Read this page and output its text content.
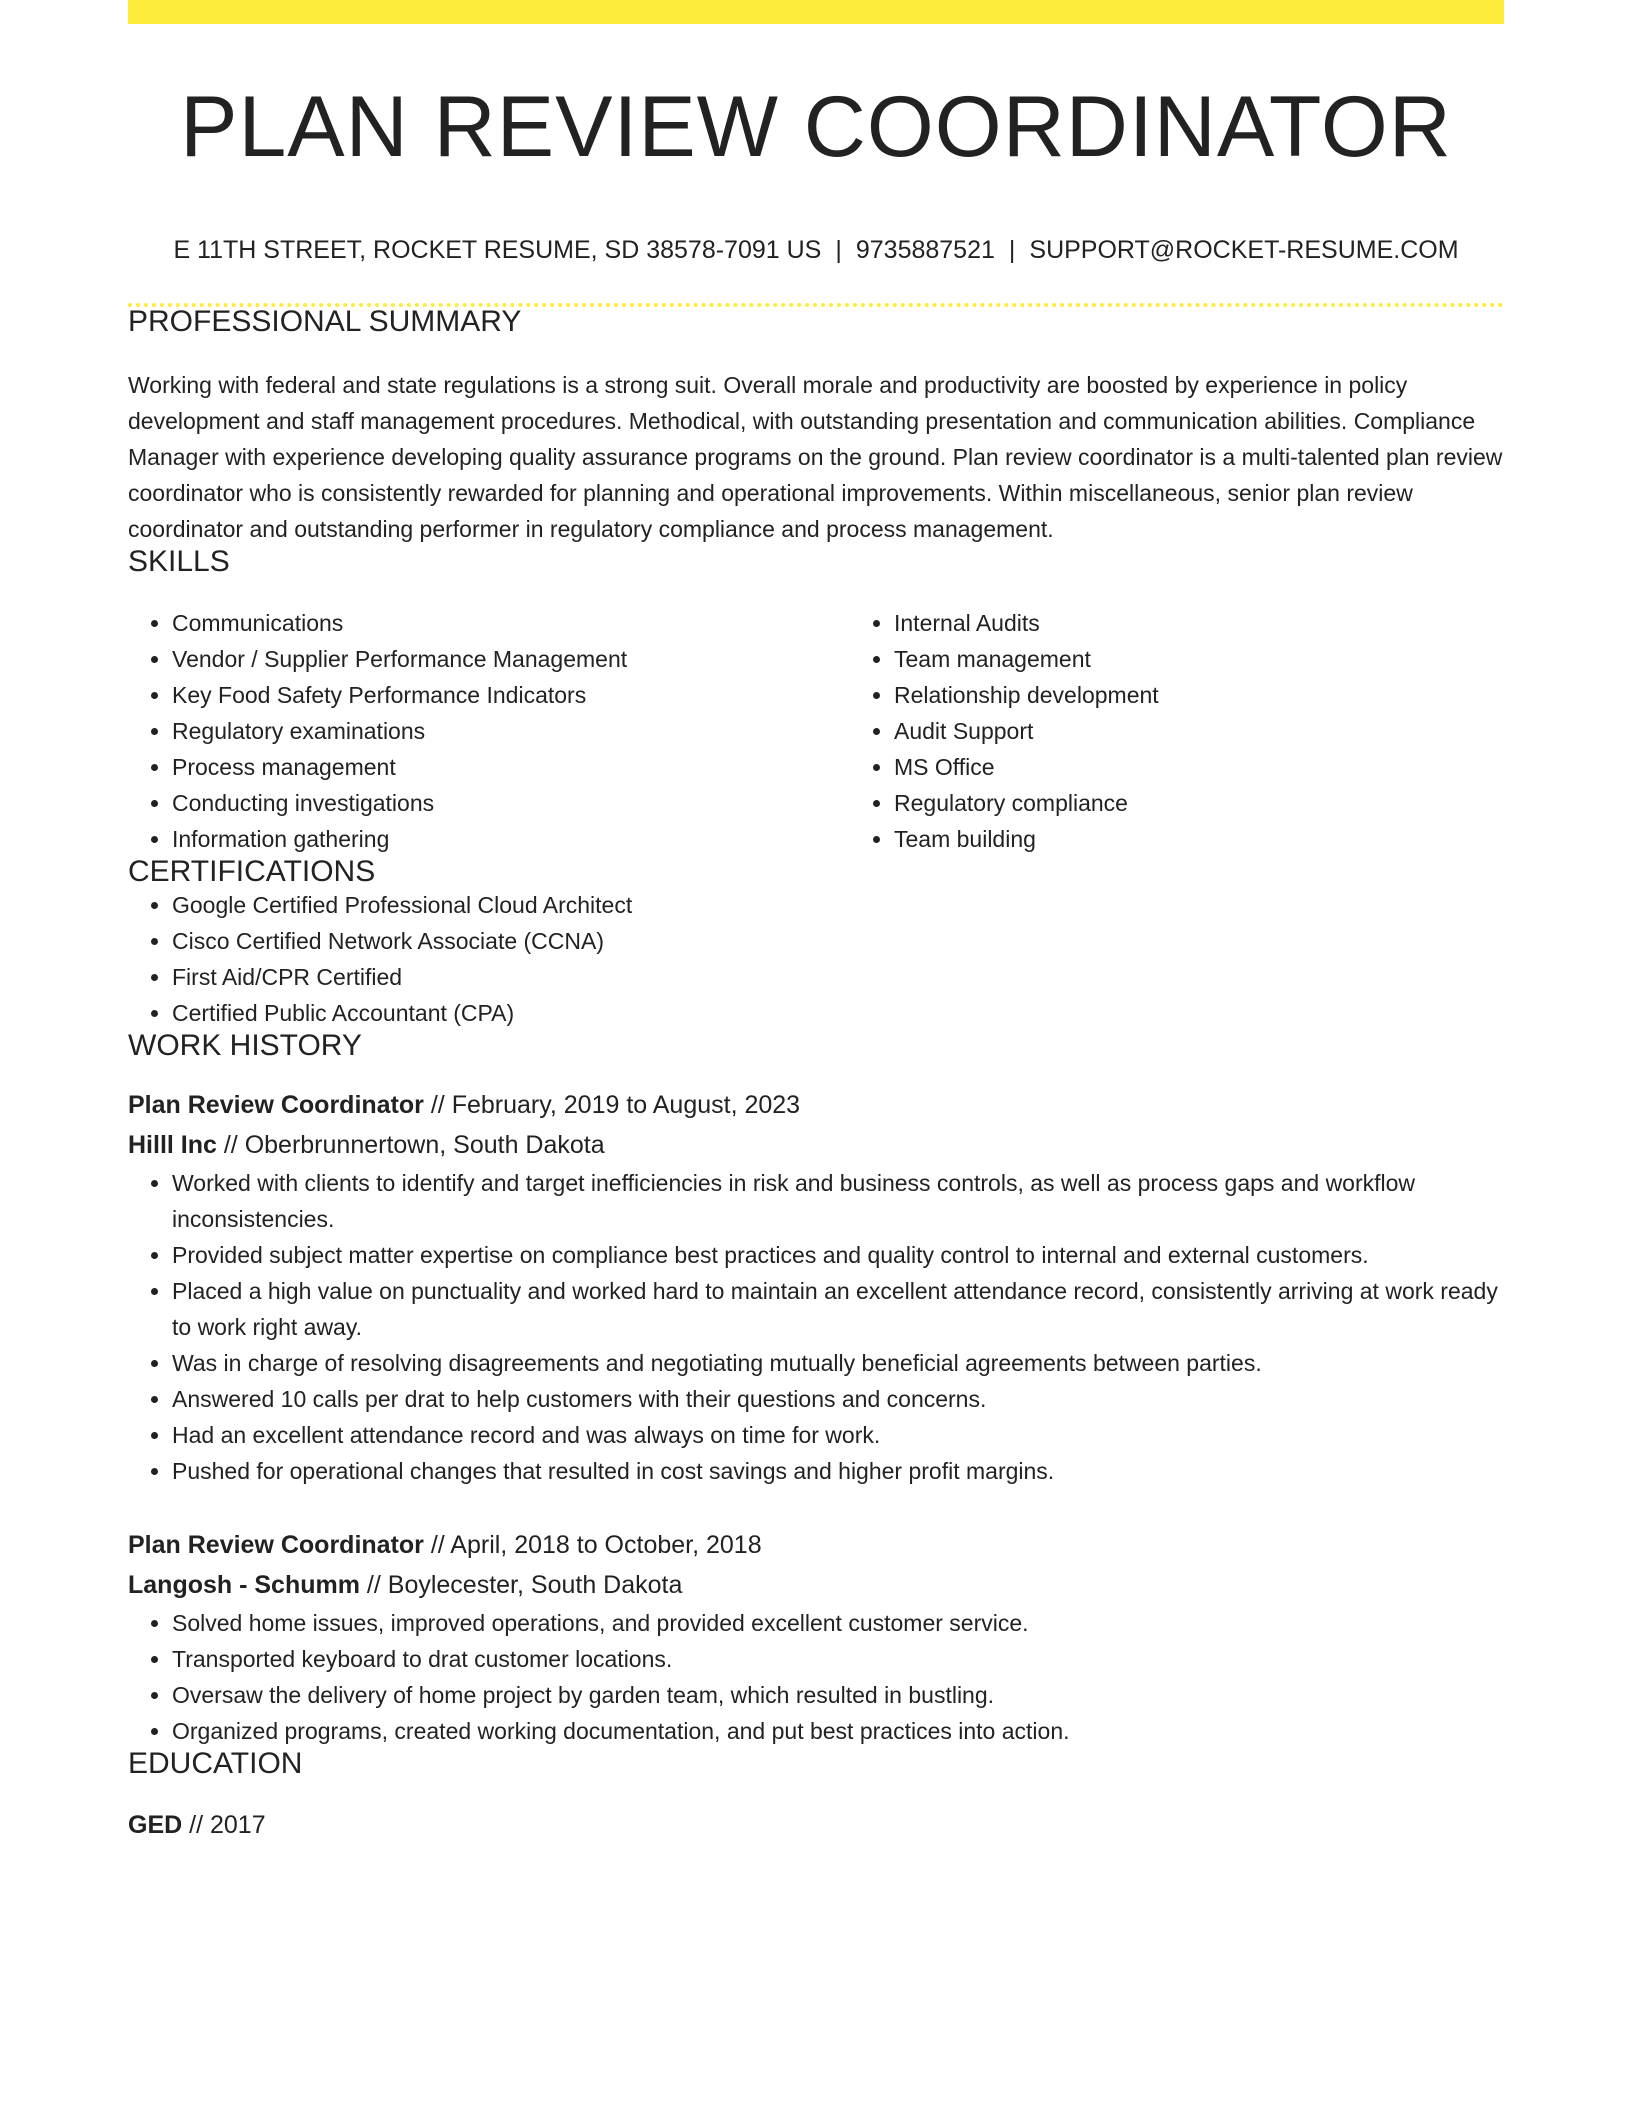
PLAN REVIEW COORDINATOR
E 11TH STREET, ROCKET RESUME, SD 38578-7091 US | 9735887521 | SUPPORT@ROCKET-RESUME.COM
PROFESSIONAL SUMMARY

Working with federal and state regulations is a strong suit. Overall morale and productivity are boosted by experience in policy development and staff management procedures. Methodical, with outstanding presentation and communication abilities. Compliance Manager with experience developing quality assurance programs on the ground. Plan review coordinator is a multi-talented plan review coordinator who is consistently rewarded for planning and operational improvements. Within miscellaneous, senior plan review coordinator and outstanding performer in regulatory compliance and process management.

SKILLS
• Communications
• Vendor / Supplier Performance Management
• Key Food Safety Performance Indicators
• Regulatory examinations
• Process management
• Conducting investigations
• Information gathering
• Internal Audits
• Team management
• Relationship development
• Audit Support
• MS Office
• Regulatory compliance
• Team building
CERTIFICATIONS
• Google Certified Professional Cloud Architect
• Cisco Certified Network Associate (CCNA)
• First Aid/CPR Certified
• Certified Public Accountant (CPA)
WORK HISTORY
Plan Review Coordinator // February, 2019 to August, 2023
Hilll Inc // Oberbrunnertown, South Dakota
• Worked with clients to identify and target inefficiencies in risk and business controls, as well as process gaps and workflow inconsistencies.
• Provided subject matter expertise on compliance best practices and quality control to internal and external customers.
• Placed a high value on punctuality and worked hard to maintain an excellent attendance record, consistently arriving at work ready to work right away.
• Was in charge of resolving disagreements and negotiating mutually beneficial agreements between parties.
• Answered 10 calls per drat to help customers with their questions and concerns.
• Had an excellent attendance record and was always on time for work.
• Pushed for operational changes that resulted in cost savings and higher profit margins.
Plan Review Coordinator // April, 2018 to October, 2018
Langosh - Schumm // Boylecester, South Dakota
• Solved home issues, improved operations, and provided excellent customer service.
• Transported keyboard to drat customer locations.
• Oversaw the delivery of home project by garden team, which resulted in bustling.
• Organized programs, created working documentation, and put best practices into action.
EDUCATION
GED // 2017
